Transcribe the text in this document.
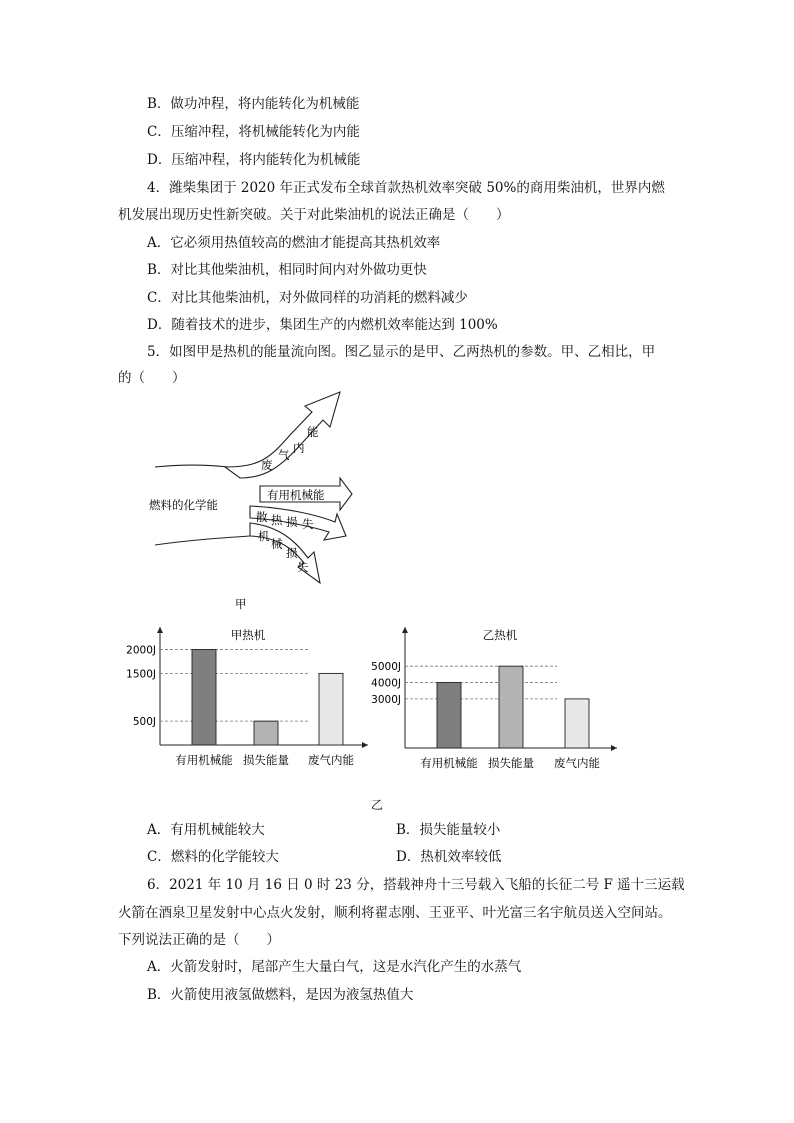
B．做功冲程，将内能转化为机械能
C．压缩冲程，将机械能转化为内能
D．压缩冲程，将内能转化为机械能
4．潍柴集团于 2020 年正式发布全球首款热机效率突破 50%的商用柴油机，世界内燃
机发展出现历史性新突破。关于对此柴油机的说法正确是（　　）
A．它必须用热值较高的燃油才能提高其热机效率
B．对比其他柴油机，相同时间内对外做功更快
C．对比其他柴油机，对外做同样的功消耗的燃料减少
D．随着技术的进步，集团生产的内燃机效率能达到 100%
5．如图甲是热机的能量流向图。图乙显示的是甲、乙两热机的参数。甲、乙相比，甲
的（　　）
燃料的化学能
废
气 内
能
有用机械能
散 热 损 失
机
械
损
失
甲
甲热机
2000J
1500J
500J
有用机械能 损失能量 废气内能
乙热机
5000J
4000J
3000J
有用机械能 损失能量 废气内能
乙
A．有用机械能较大	B．损失能量较小
C．燃料的化学能较大	D．热机效率较低
6．2021 年 10 月 16 日 0 时 23 分，搭载神舟十三号载入飞船的长征二号 F 遥十三运载
火箭在酒泉卫星发射中心点火发射，顺利将翟志刚、王亚平、叶光富三名宇航员送入空间站。
下列说法正确的是（　　）
A．火箭发射时，尾部产生大量白气，这是水汽化产生的水蒸气
B．火箭使用液氢做燃料，是因为液氢热值大
